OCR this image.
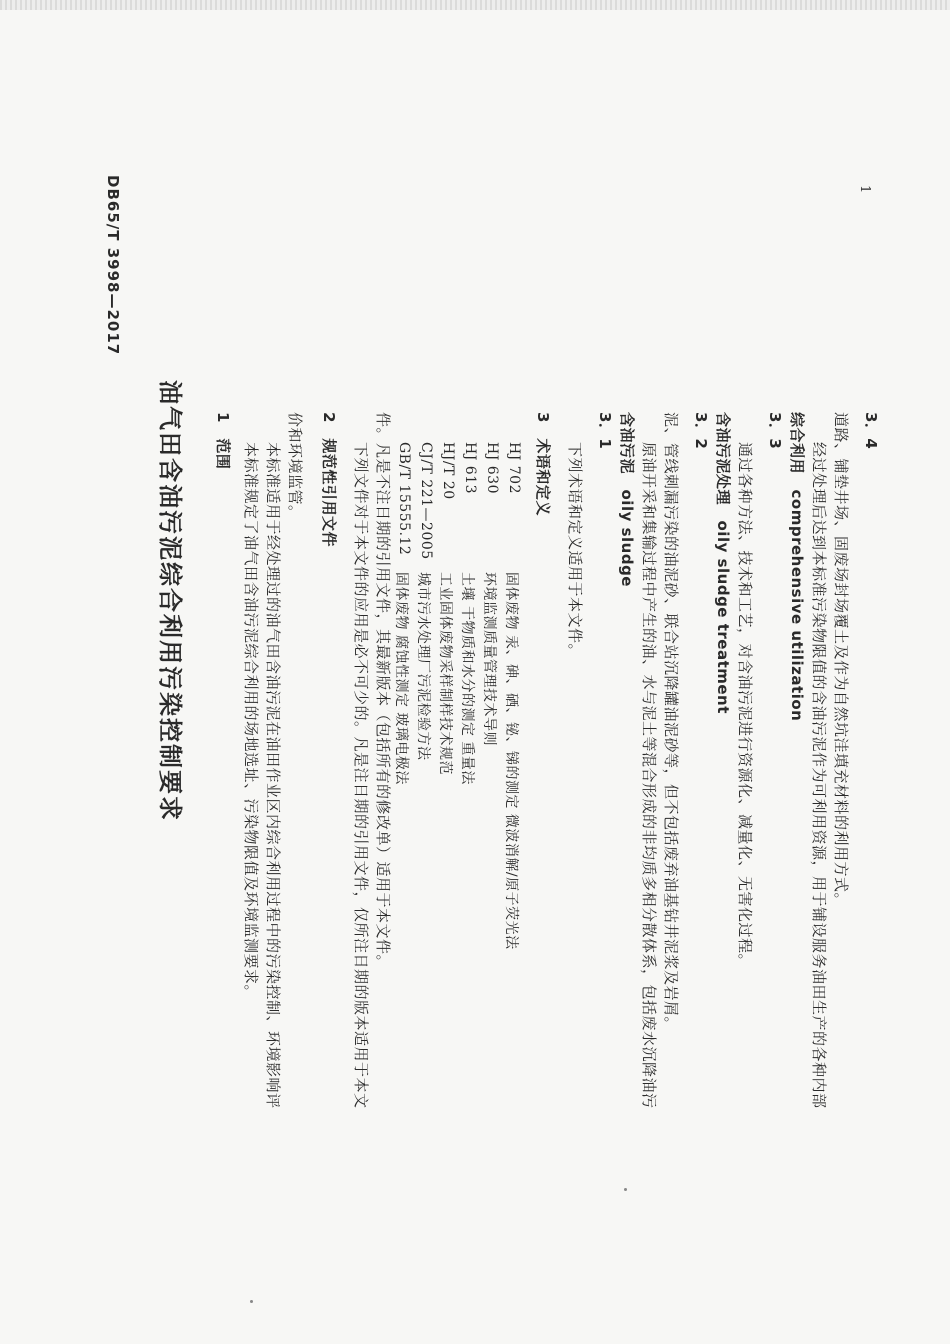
DB65/T 3998—2017	1
油气田含油污泥综合利用污染控制要求	1　范围
本标准规定了油气田含油污泥综合利用的场地选址、污染物限值及环境监测要求。 本标准适用于经处理过的油气田含油污泥在油田作业区内综合利用过程中的污染控制、环境影响评 价和环境监管。 2　规范性引用文件 下列文件对于本文件的应用是必不可少的。凡是注日期的引用文件，仅所注日期的版本适用于本文 件。凡是不注日期的引用文件，其最新版本（包括所有的修改单）适用于本文件。 GB/T 15555.12
固体废物 腐蚀性测定 玻璃电极法
CJ/T 221—2005
城市污水处理厂污泥检验方法
HJ/T 20
工业固体废物采样制样技术规范
HJ 613
土壤 干物质和水分的测定 重量法
HJ 630
环境监测质量管理技术导则
HJ 702
固体废物 汞、砷、硒、铋、锑的测定 微波消解/原子荧光法
3　术语和定义 下列术语和定义适用于本文件。
3．1 含油污泥　oily sludge 原油开采和集输过程中产生的油、水与泥土等混合形成的非均质多相分散体系，包括废水沉降油污 泥、管线刺漏污染的油泥砂、联合站沉降罐油泥砂等，但不包括废弃油基钻井泥浆及岩屑。 3．2 含油污泥处理　oily sludge treatment 通过各种方法、技术和工艺，对含油污泥进行资源化、减量化、无害化过程。
3．3 综合利用　comprehensive utilization 经过处理后达到本标准污染物限值的含油污泥作为可利用资源，用于铺设服务油田生产的各种内部 道路、铺垫井场、固废场封场覆土及作为自然坑洼填充材料的利用方式。 3．4
